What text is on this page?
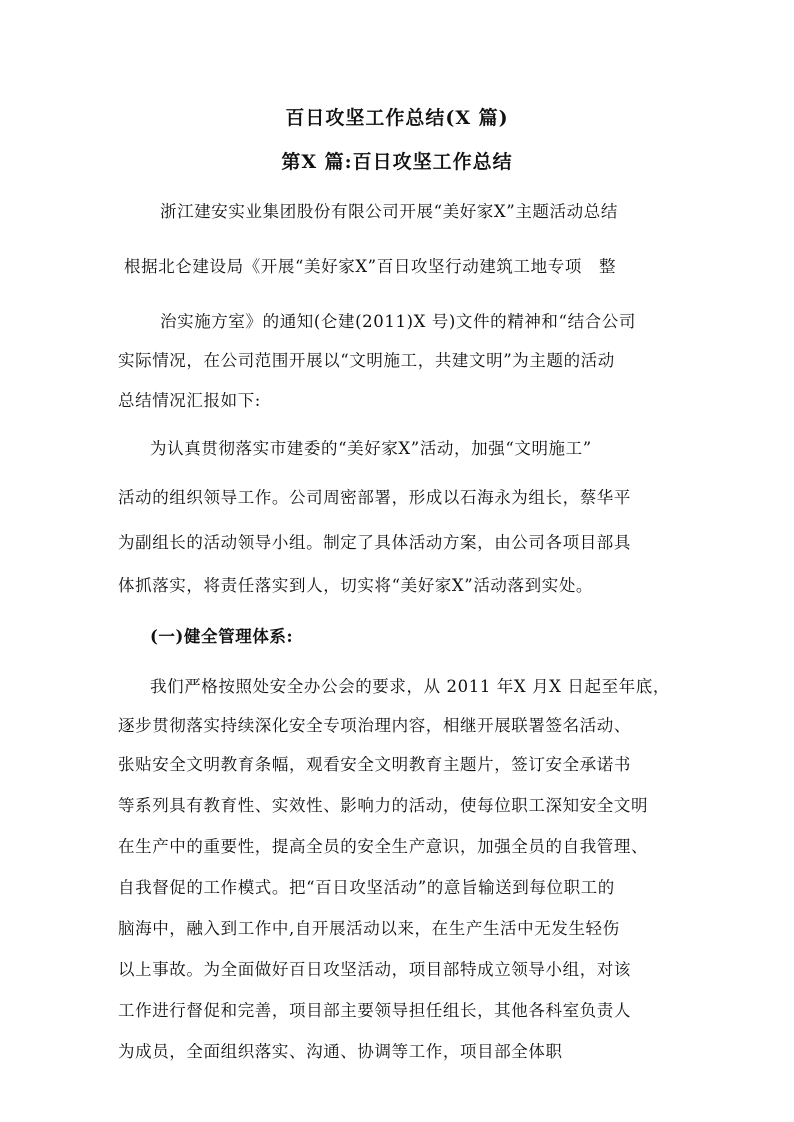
百日攻坚工作总结(X 篇)
第X 篇:百日攻坚工作总结
浙江建安实业集团股份有限公司开展“美好家X”主题活动总结
根据北仑建设局《开展“美好家X”百日攻坚行动建筑工地专项　整
治实施方室》的通知(仑建(2011)X 号)文件的精神和“结合公司
实际情况，在公司范围开展以“文明施工，共建文明”为主题的活动
总结情况汇报如下:
为认真贯彻落实市建委的“美好家X”活动，加强“文明施工”
活动的组织领导工作。公司周密部署，形成以石海永为组长，蔡华平
为副组长的活动领导小组。制定了具体活动方案，由公司各项目部具
体抓落实，将责任落实到人，切实将“美好家X”活动落到实处。
(一)健全管理体系:
我们严格按照处安全办公会的要求，从 2011 年X 月X 日起至年底，
逐步贯彻落实持续深化安全专项治理内容，相继开展联署签名活动、
张贴安全文明教育条幅，观看安全文明教育主题片，签订安全承诺书
等系列具有教育性、实效性、影响力的活动，使每位职工深知安全文明
在生产中的重要性，提高全员的安全生产意识，加强全员的自我管理、
自我督促的工作模式。把“百日攻坚活动”的意旨输送到每位职工的
脑海中，融入到工作中,自开展活动以来，在生产生活中无发生轻伤
以上事故。为全面做好百日攻坚活动，项目部特成立领导小组，对该
工作进行督促和完善，项目部主要领导担任组长，其他各科室负责人
为成员，全面组织落实、沟通、协调等工作，项目部全体职
